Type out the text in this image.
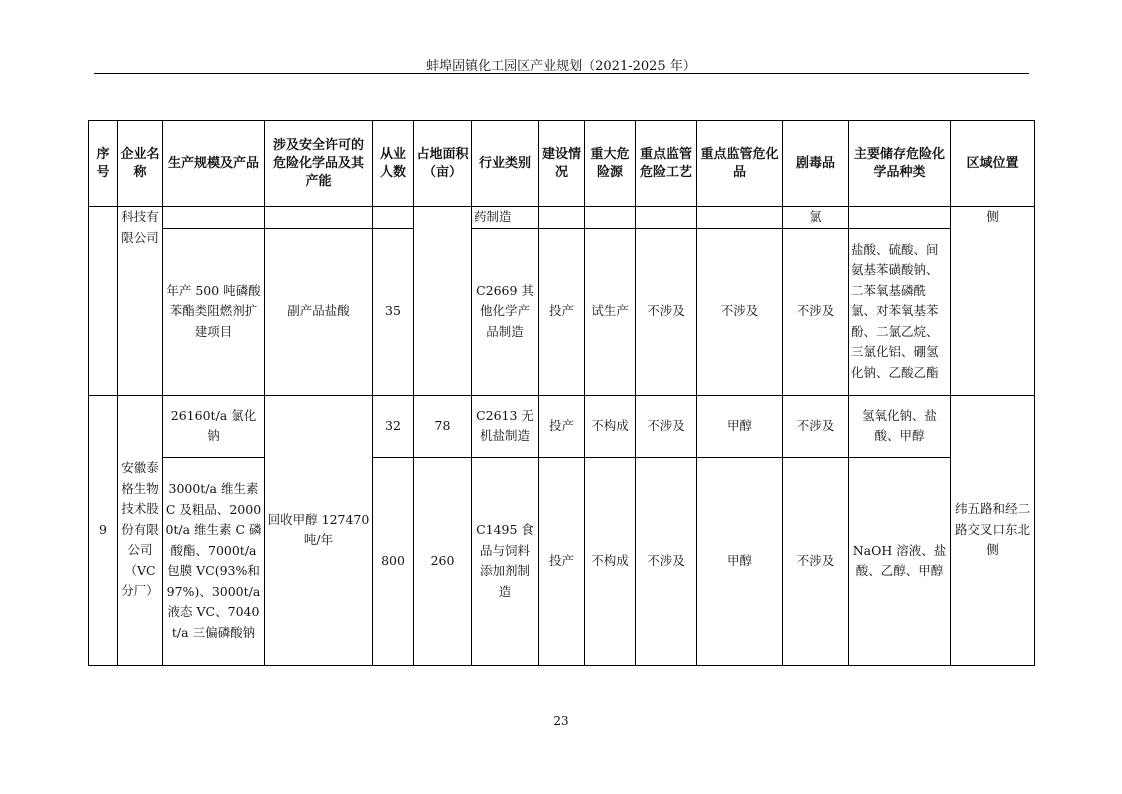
蚌埠固镇化工园区产业规划（2021-2025 年）
序号	企业名称	生产规模及产品	涉及安全许可的危险化学品及其产能	从业人数	占地面积（亩）	行业类别	建设情况	重大危险源	重点监管危险工艺	重点监管危化品	剧毒品	主要储存危险化学品种类	区域位置

	科技有限公司					药制造					氯		侧

		年产 500 吨磷酸苯酯类阻燃剂扩建项目	副产品盐酸	35		C2669 其他化学产品制造	投产	试生产	不涉及	不涉及	不涉及	盐酸、硫酸、间氨基苯磺酸钠、二苯氧基磷酰氯、对苯氧基苯酚、二氯乙烷、三氯化铝、硼氢化钠、乙酸乙酯	

9	安徽泰格生物技术股份有限公司（VC分厂）	26160t/a 氯化钠	回收甲醇 127470 吨/年	32	78	C2613 无机盐制造	投产	不构成	不涉及	甲醇	不涉及	氢氧化钠、盐酸、甲醇	纬五路和经二路交叉口东北侧

		3000t/a 维生素 C 及粗品、20000t/a 维生素 C 磷酸酯、7000t/a 包膜 VC(93%和 97%)、3000t/a 液态 VC、7040t/a 三偏磷酸钠		800	260	C1495 食品与饲料添加剂制造	投产	不构成	不涉及	甲醇	不涉及	NaOH 溶液、盐酸、乙醇、甲醇	
23
